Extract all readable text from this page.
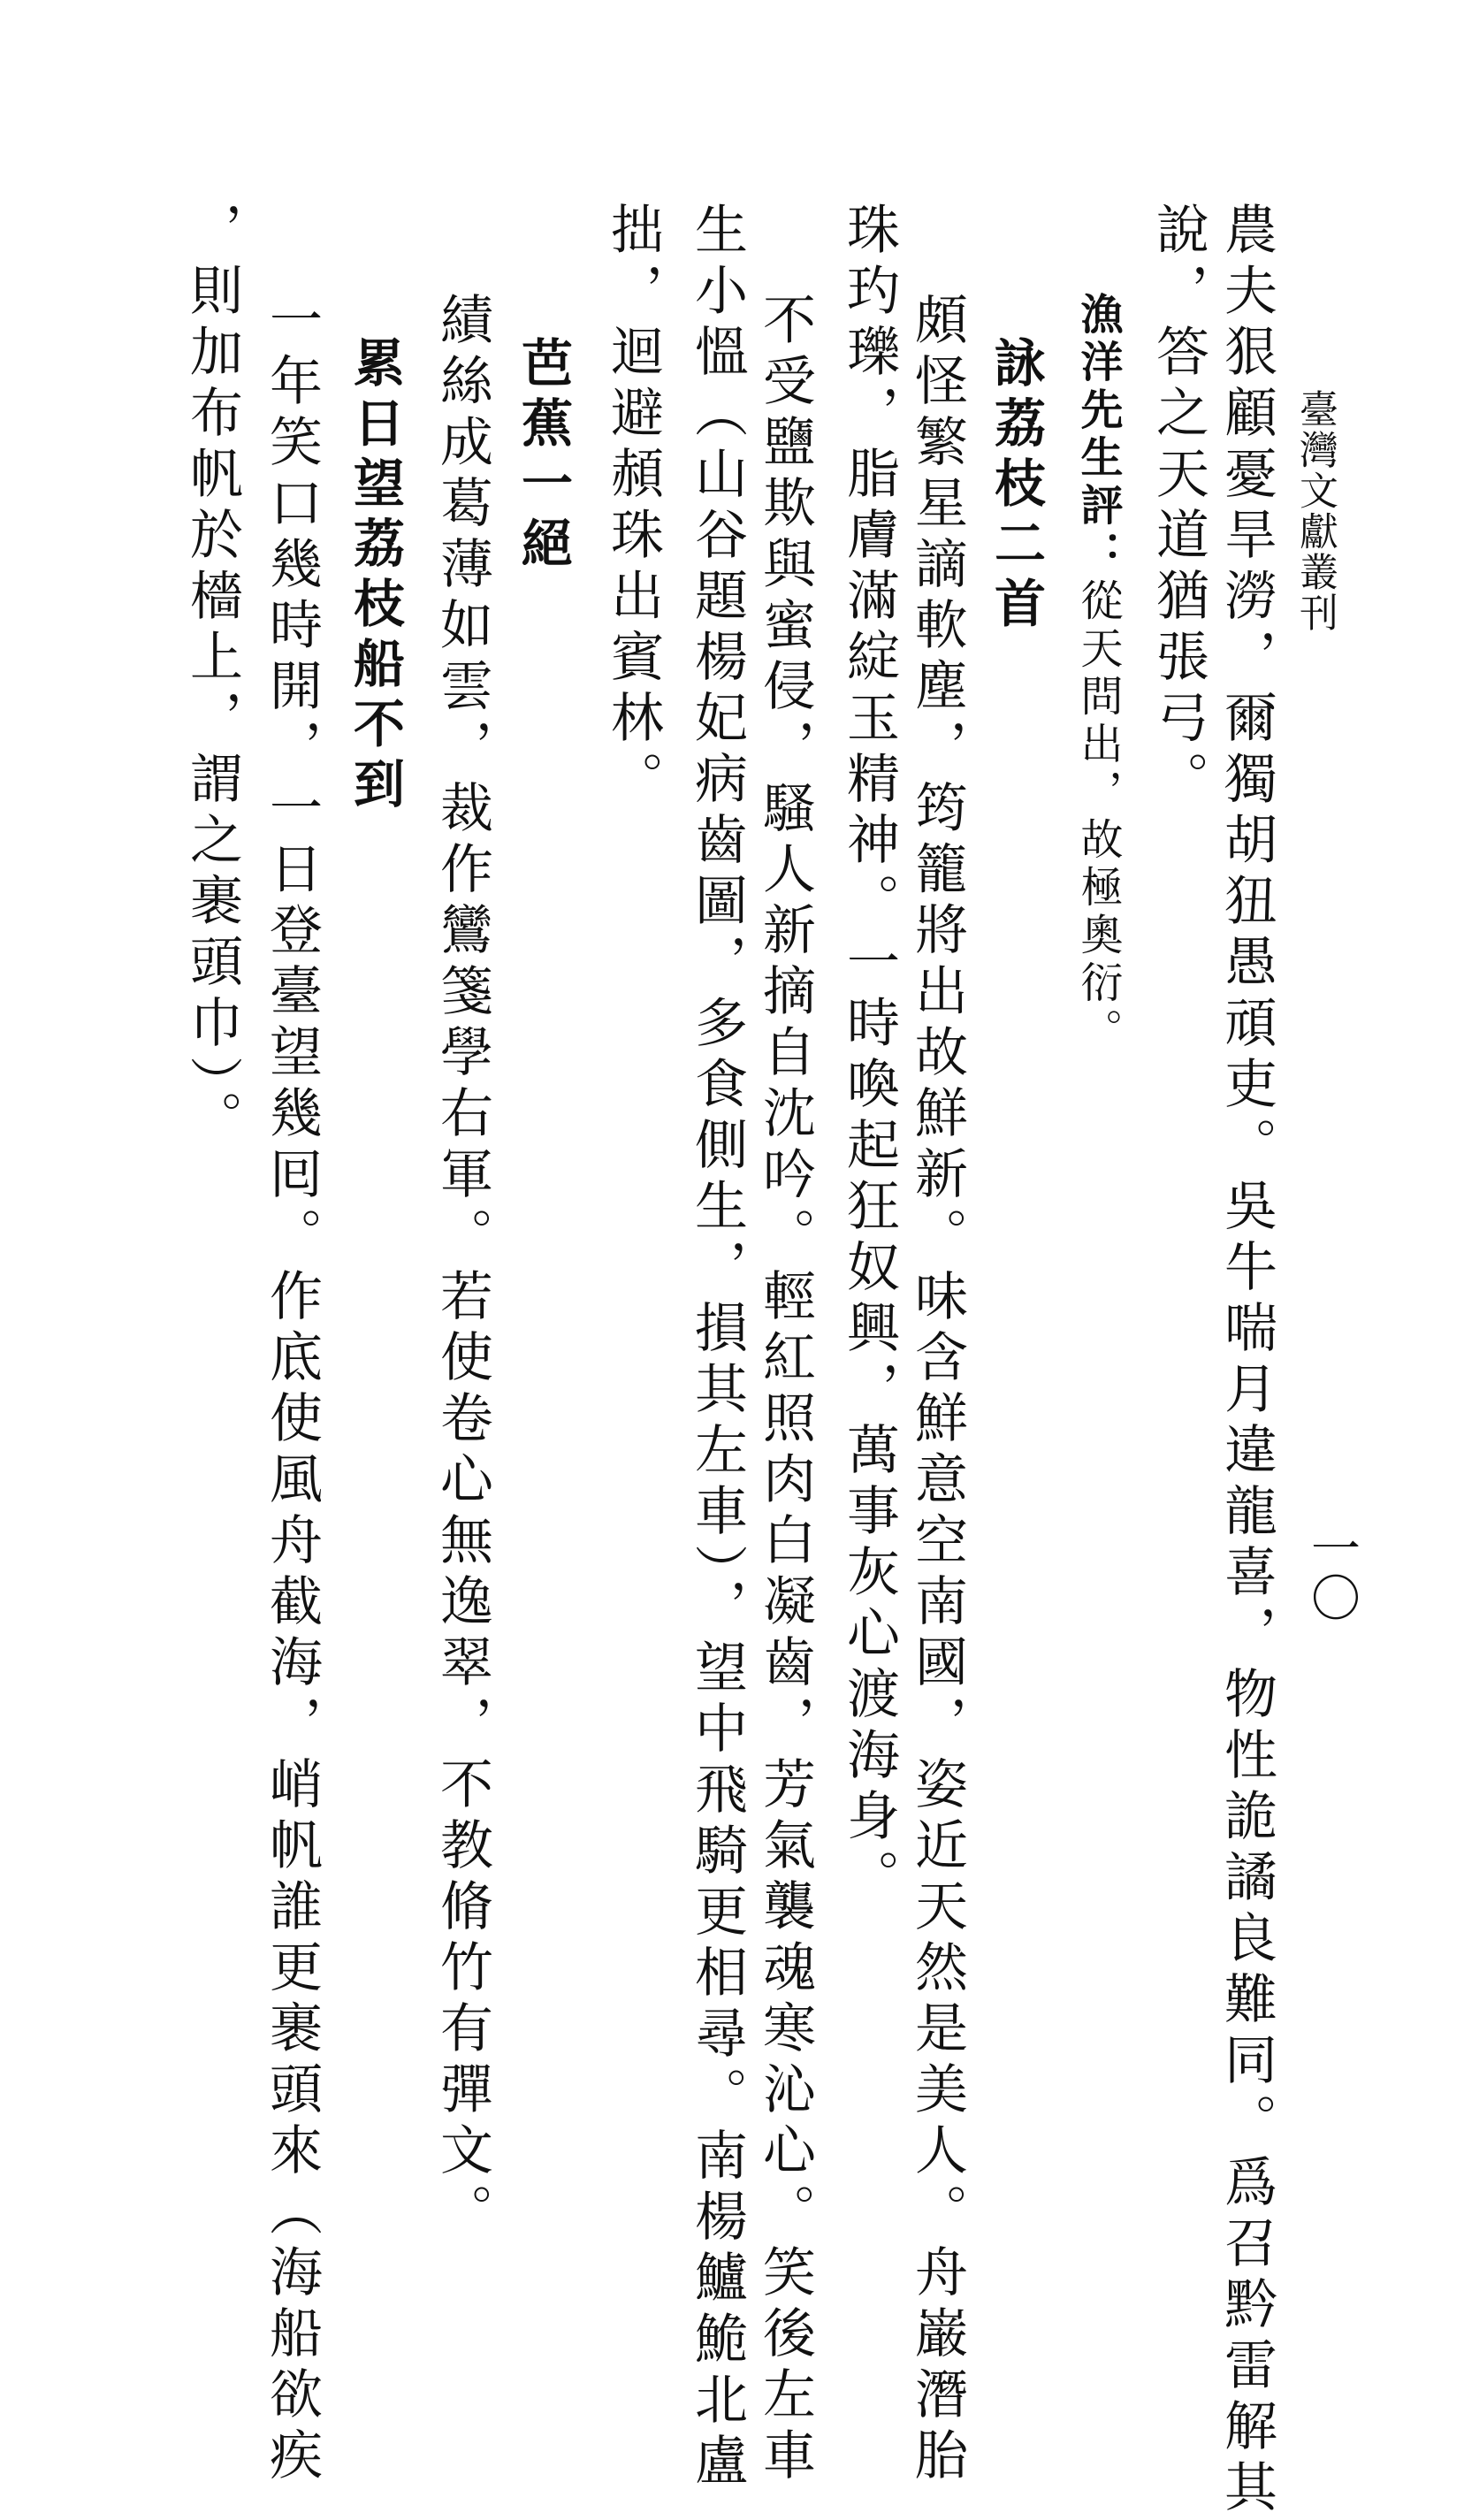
臺灣文獻叢刊
一〇
農夫狠顧憂旱澇，爾獨胡狃愚頑吏。吳牛喘月違龍喜，物性詭譎良難同。爲召黔雷解其
說，答之天道猶張弓。
漁洋先生評：從天問出，故極奧衍。
詠荔枝二首
頗怪繁星謫軟塵，筠籠將出故鮮新。味含鮮意空南國，姿近天然是美人。舟巌潛胎
珠玓瓅，脂膚滿綻玉精神。一時喚起狂奴興，萬事灰心渡海身。
不受鹽欺與蜜侵，騷人新摘自沈吟。輕紅照肉白凝齒，芳氣襲魂寒沁心。笑後左車
生小慍（山谷題楊妃病齒圖，多食側生，損其左車），望中飛騎更相尋。南楊鱸鮠北盧
拙，迴避頳珠出賓林。
芭蕉一絕
績絲成葛薄如雲，裁作鸞箋學右軍。若使卷心無逸翠，不教脩竹有彈文。
累日望荔枝船不到
一年笑口幾時開，一日登臺望幾囘。作底使風舟截海，峭帆誰更裹頭來（海船欲疾
，則加布帆於檣上，謂之裹頭巾）。
